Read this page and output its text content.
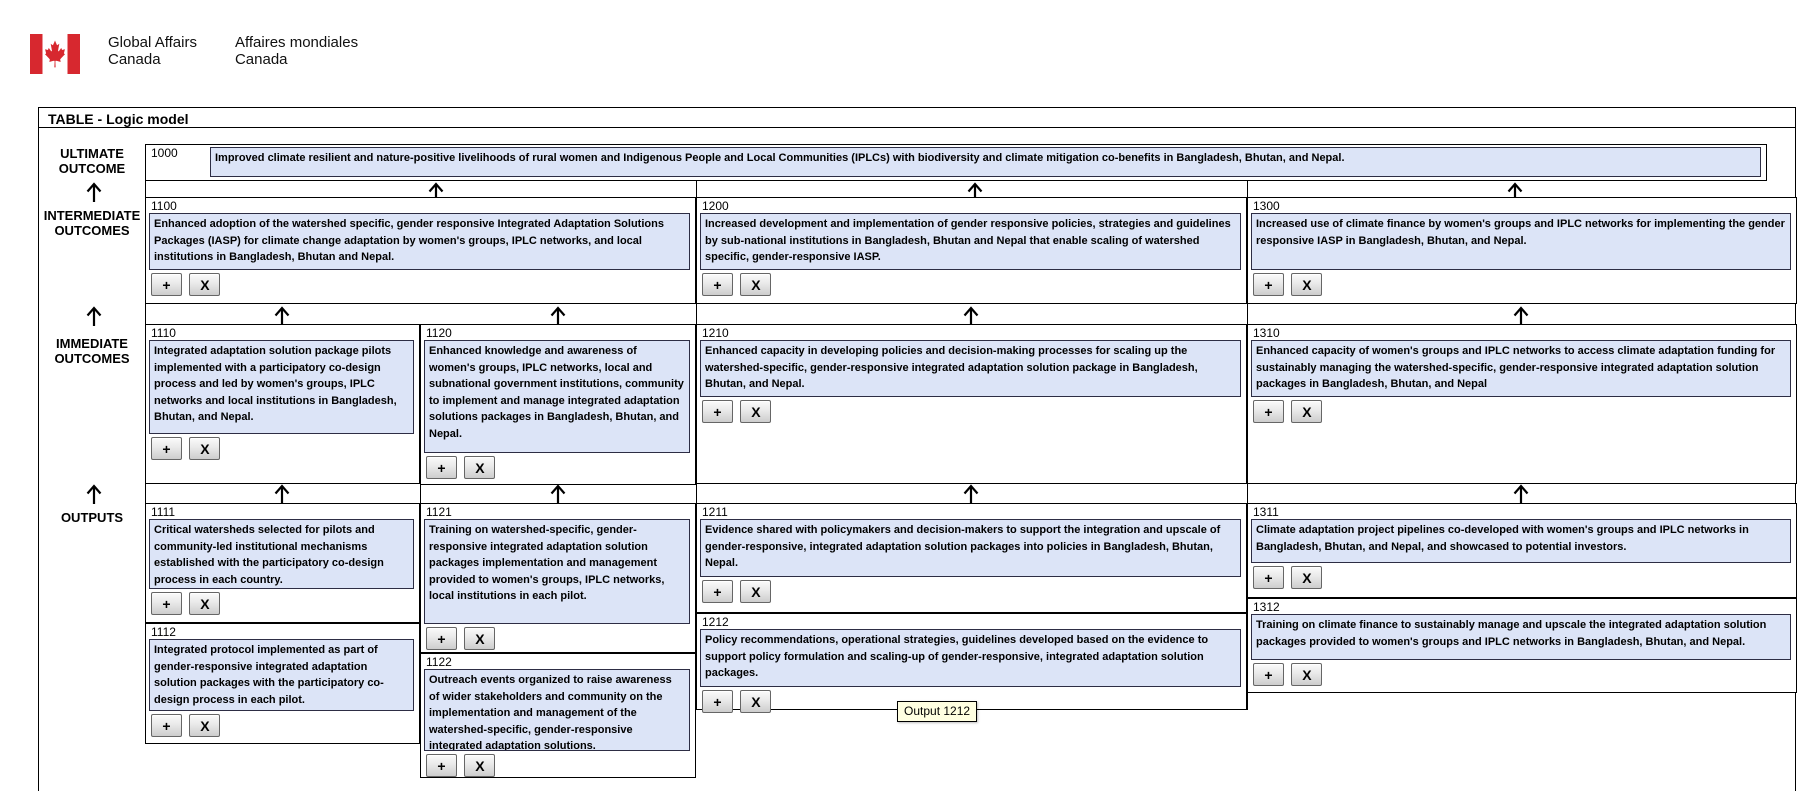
Global Affairs
Canada
Affaires mondiales
Canada
TABLE - Logic model
ULTIMATE OUTCOME
INTERMEDIATE OUTCOMES
IMMEDIATE OUTCOMES
OUTPUTS
1000	Improved climate resilient and nature-positive livelihoods of rural women and Indigenous People and Local Communities (IPLCs) with biodiversity and climate mitigation co-benefits in Bangladesh, Bhutan, and Nepal.
1100
Enhanced adoption of the watershed specific, gender responsive Integrated Adaptation Solutions Packages (IASP) for climate change adaptation by women's groups, IPLC networks, and local institutions in Bangladesh, Bhutan and Nepal.
+ X
1200
Increased development and implementation of gender responsive policies, strategies and guidelines by sub-national institutions in Bangladesh, Bhutan and Nepal that enable scaling of watershed specific, gender-responsive IASP.
+ X
1300
Increased use of climate finance by women's groups and IPLC networks for implementing the gender responsive IASP in Bangladesh, Bhutan, and Nepal.
+ X
1110
Integrated adaptation solution package pilots implemented with a participatory co-design process and led by women's groups, IPLC networks and local institutions in Bangladesh, Bhutan, and Nepal.
+ X
1120
Enhanced knowledge and awareness of women's groups, IPLC networks, local and subnational government institutions, community to implement and manage integrated adaptation solutions packages in Bangladesh, Bhutan, and Nepal.
+ X
1210
Enhanced capacity in developing policies and decision-making processes for scaling up the watershed-specific, gender-responsive integrated adaptation solution package in Bangladesh, Bhutan, and Nepal.
+ X
1310
Enhanced capacity of women's groups and IPLC networks to access climate adaptation funding for sustainably managing the watershed-specific, gender-responsive integrated adaptation solution packages in Bangladesh, Bhutan, and Nepal
+ X
1111
Critical watersheds selected for pilots and community-led institutional mechanisms established with the participatory co-design process in each country.
+ X
1112
Integrated protocol implemented as part of gender-responsive integrated adaptation solution packages with the participatory co-design process in each pilot.
+ X
1121
Training on watershed-specific, gender-responsive integrated adaptation solution packages implementation and management provided to women's groups, IPLC networks, local institutions in each pilot.
+ X
1122
Outreach events organized to raise awareness of wider stakeholders and community on the implementation and management of the watershed-specific, gender-responsive integrated adaptation solutions.
+ X
1211
Evidence shared with policymakers and decision-makers to support the integration and upscale of gender-responsive, integrated adaptation solution packages into policies in Bangladesh, Bhutan, Nepal.
+ X
1212
Policy recommendations, operational strategies, guidelines developed based on the evidence to support policy formulation and scaling-up of gender-responsive, integrated adaptation solution packages.
+ X
Output 1212
1311
Climate adaptation project pipelines co-developed with women's groups and IPLC networks in Bangladesh, Bhutan, and Nepal, and showcased to potential investors.
+ X
1312
Training on climate finance to sustainably manage and upscale the integrated adaptation solution packages provided to women's groups and IPLC networks in Bangladesh, Bhutan, and Nepal.
+ X
